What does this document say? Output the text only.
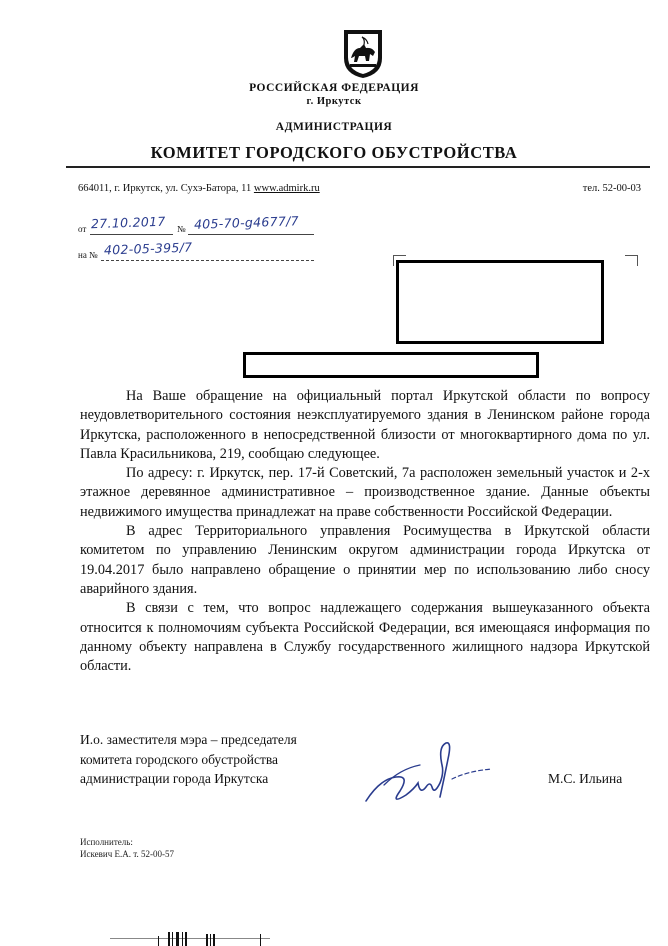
РОССИЙСКАЯ ФЕДЕРАЦИЯ
г. Иркутск
АДМИНИСТРАЦИЯ
КОМИТЕТ ГОРОДСКОГО ОБУСТРОЙСТВА
664011, г. Иркутск, ул. Сухэ-Батора, 11 www.admirk.ru	тел. 52-00-03
от 27.10.2017 № 405-70-g4677/7
на № 402-05-395/7

На Ваше обращение на официальный портал Иркутской области по вопросу неудовлетворительного состояния неэксплуатируемого здания в Ленинском районе города Иркутска, расположенного в непосредственной близости от многоквартирного дома по ул. Павла Красильникова, 219, сообщаю следующее.

По адресу: г. Иркутск, пер. 17-й Советский, 7а расположен земельный участок и 2-х этажное деревянное административное – производственное здание. Данные объекты недвижимого имущества принадлежат на праве собственности Российской Федерации.

В адрес Территориального управления Росимущества в Иркутской области комитетом по управлению Ленинским округом администрации города Иркутска от 19.04.2017 было направлено обращение о принятии мер по использованию либо сносу аварийного здания.

В связи с тем, что вопрос надлежащего содержания вышеуказанного объекта относится к полномочиям субъекта Российской Федерации, вся имеющаяся информация по данному объекту направлена в Службу государственного жилищного надзора Иркутской области.

И.о. заместителя мэра – председателя
комитета городского обустройства
администрации города Иркутска	М.С. Ильина
Исполнитель:
Искевич Е.А. т. 52-00-57
